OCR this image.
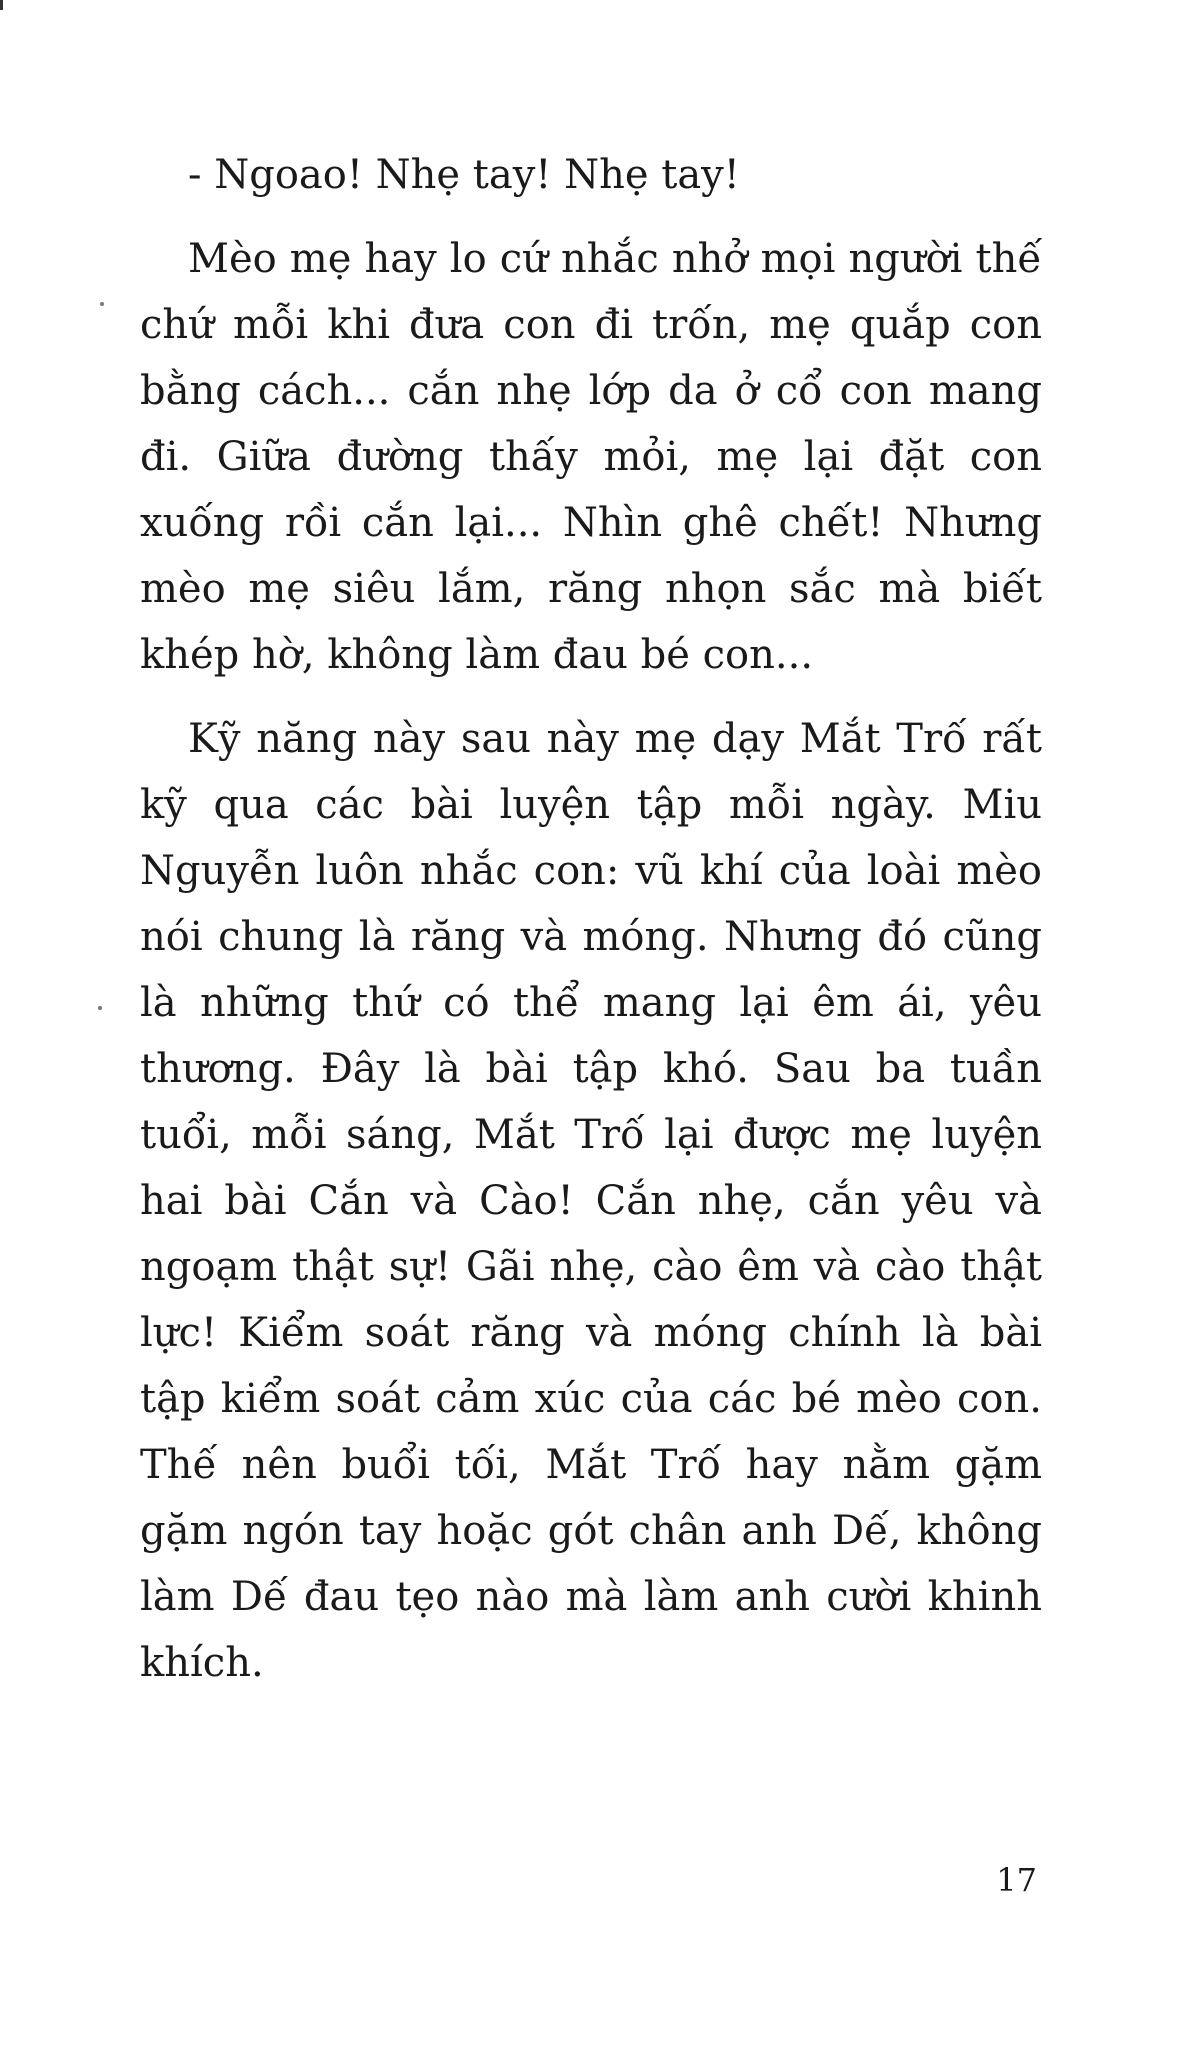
- Ngoao! Nhẹ tay! Nhẹ tay!

Mèo mẹ hay lo cứ nhắc nhở mọi người thế chứ mỗi khi đưa con đi trốn, mẹ quắp con bằng cách... cắn nhẹ lớp da ở cổ con mang đi. Giữa đường thấy mỏi, mẹ lại đặt con xuống rồi cắn lại... Nhìn ghê chết! Nhưng mèo mẹ siêu lắm, răng nhọn sắc mà biết khép hờ, không làm đau bé con...

Kỹ năng này sau này mẹ dạy Mắt Trố rất kỹ qua các bài luyện tập mỗi ngày. Miu Nguyễn luôn nhắc con: vũ khí của loài mèo nói chung là răng và móng. Nhưng đó cũng là những thứ có thể mang lại êm ái, yêu thương. Đây là bài tập khó. Sau ba tuần tuổi, mỗi sáng, Mắt Trố lại được mẹ luyện hai bài Cắn và Cào! Cắn nhẹ, cắn yêu và ngoạm thật sự! Gãi nhẹ, cào êm và cào thật lực! Kiểm soát răng và móng chính là bài tập kiểm soát cảm xúc của các bé mèo con. Thế nên buổi tối, Mắt Trố hay nằm gặm gặm ngón tay hoặc gót chân anh Dế, không làm Dế đau tẹo nào mà làm anh cười khinh khích.

17
